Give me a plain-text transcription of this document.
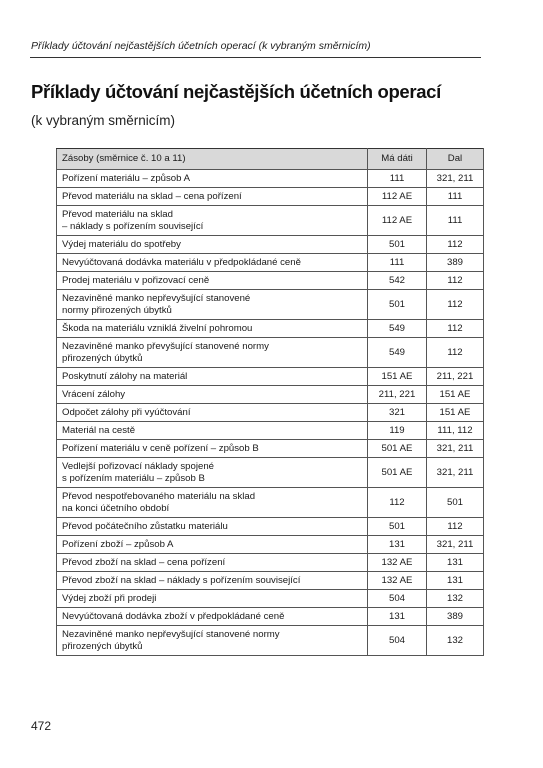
Příklady účtování nejčastějších účetních operací (k vybraným směrnicím)
Příklady účtování nejčastějších účetních operací
(k vybraným směrnicím)
Zásoby (směrnice č. 10 a 11)	Má dáti	Dal

Pořízení materiálu – způsob A	111	321, 211

Převod materiálu na sklad – cena pořízení	112 AE	111

Převod materiálu na sklad
– náklady s pořízením související	112 AE	111

Výdej materiálu do spotřeby	501	112

Nevyúčtovaná dodávka materiálu v předpokládané ceně	111	389

Prodej materiálu v pořizovací ceně	542	112

Nezaviněné manko nepřevyšující stanovené
normy přirozených úbytků	501	112

Škoda na materiálu vzniklá živelní pohromou	549	112

Nezaviněné manko převyšující stanovené normy
přirozených úbytků	549	112

Poskytnutí zálohy na materiál	151 AE	211, 221

Vrácení zálohy	211, 221	151 AE

Odpočet zálohy při vyúčtování	321	151 AE

Materiál na cestě	119	111, 112

Pořízení materiálu v ceně pořízení – způsob B	501 AE	321, 211

Vedlejší pořizovací náklady spojené
s pořízením materiálu – způsob B	501 AE	321, 211

Převod nespotřebovaného materiálu na sklad
na konci účetního období	112	501

Převod počátečního zůstatku materiálu	501	112

Pořízení zboží – způsob A	131	321, 211

Převod zboží na sklad – cena pořízení	132 AE	131

Převod zboží na sklad – náklady s pořízením související	132 AE	131

Výdej zboží při prodeji	504	132

Nevyúčtovaná dodávka zboží v předpokládané ceně	131	389

Nezaviněné manko nepřevyšující stanovené normy
přirozených úbytků	504	132
472
